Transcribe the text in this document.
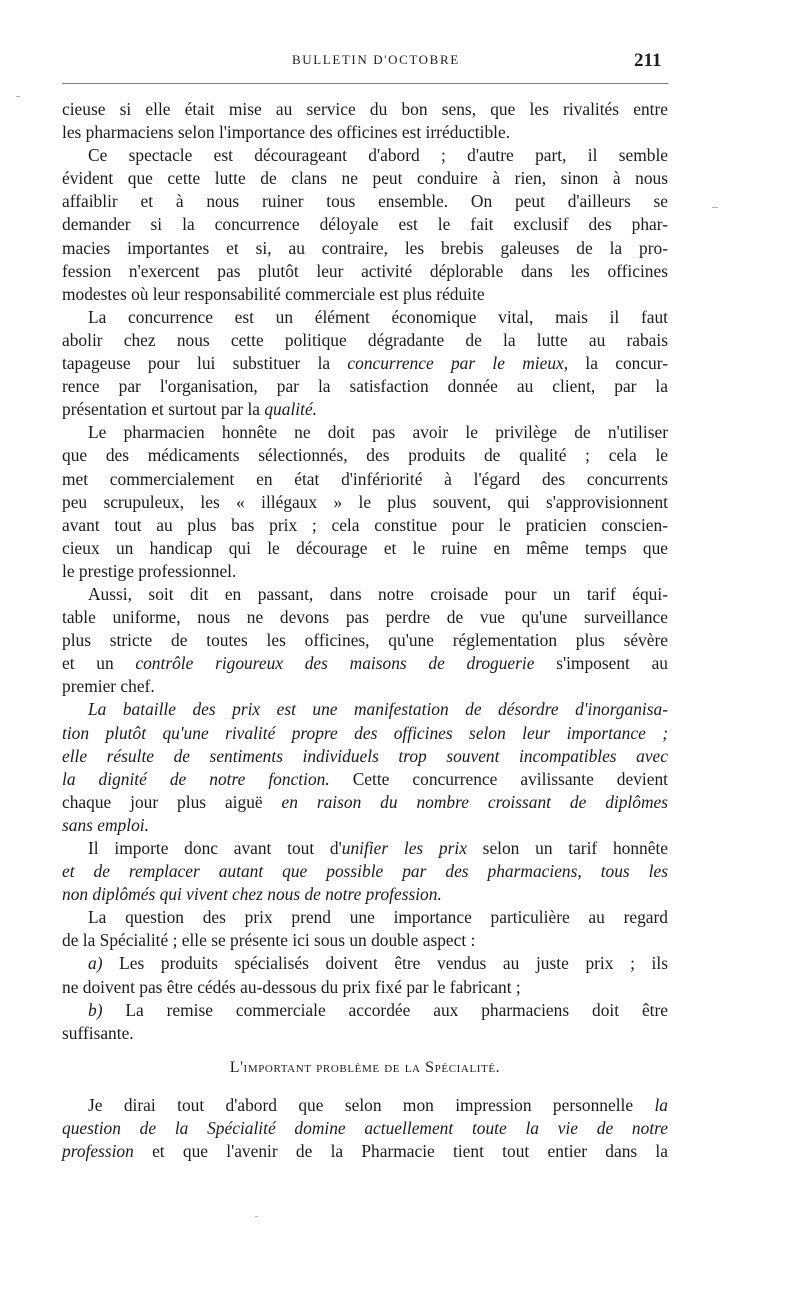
BULLETIN D'OCTOBRE	211
cieuse si elle était mise au service du bon sens, que les rivalités entre
les pharmaciens selon l'importance des officines est irréductible.
Ce spectacle est décourageant d'abord ; d'autre part, il semble
évident que cette lutte de clans ne peut conduire à rien, sinon à nous
affaiblir et à nous ruiner tous ensemble. On peut d'ailleurs se
demander si la concurrence déloyale est le fait exclusif des phar-
macies importantes et si, au contraire, les brebis galeuses de la pro-
fession n'exercent pas plutôt leur activité déplorable dans les officines
modestes où leur responsabilité commerciale est plus réduite
La concurrence est un élément économique vital, mais il faut
abolir chez nous cette politique dégradante de la lutte au rabais
tapageuse pour lui substituer la concurrence par le mieux, la concur-
rence par l'organisation, par la satisfaction donnée au client, par la
présentation et surtout par la qualité.
Le pharmacien honnête ne doit pas avoir le privilège de n'utiliser
que des médicaments sélectionnés, des produits de qualité ; cela le
met commercialement en état d'infériorité à l'égard des concurrents
peu scrupuleux, les « illégaux » le plus souvent, qui s'approvisionnent
avant tout au plus bas prix ; cela constitue pour le praticien conscien-
cieux un handicap qui le décourage et le ruine en même temps que
le prestige professionnel.
Aussi, soit dit en passant, dans notre croisade pour un tarif équi-
table uniforme, nous ne devons pas perdre de vue qu'une surveillance
plus stricte de toutes les officines, qu'une réglementation plus sévère
et un contrôle rigoureux des maisons de droguerie s'imposent au
premier chef.
La bataille des prix est une manifestation de désordre d'inorganisa-
tion plutôt qu'une rivalité propre des officines selon leur importance ;
elle résulte de sentiments individuels trop souvent incompatibles avec
la dignité de notre fonction. Cette concurrence avilissante devient
chaque jour plus aiguë en raison du nombre croissant de diplômes
sans emploi.
Il importe donc avant tout d'unifier les prix selon un tarif honnête
et de remplacer autant que possible par des pharmaciens, tous les
non diplômés qui vivent chez nous de notre profession.
La question des prix prend une importance particulière au regard
de la Spécialité ; elle se présente ici sous un double aspect :
a) Les produits spécialisés doivent être vendus au juste prix ; ils
ne doivent pas être cédés au-dessous du prix fixé par le fabricant ;
b) La remise commerciale accordée aux pharmaciens doit être
suffisante.
L'important problème de la Spécialité.
Je dirai tout d'abord que selon mon impression personnelle la
question de la Spécialité domine actuellement toute la vie de notre
profession et que l'avenir de la Pharmacie tient tout entier dans la
